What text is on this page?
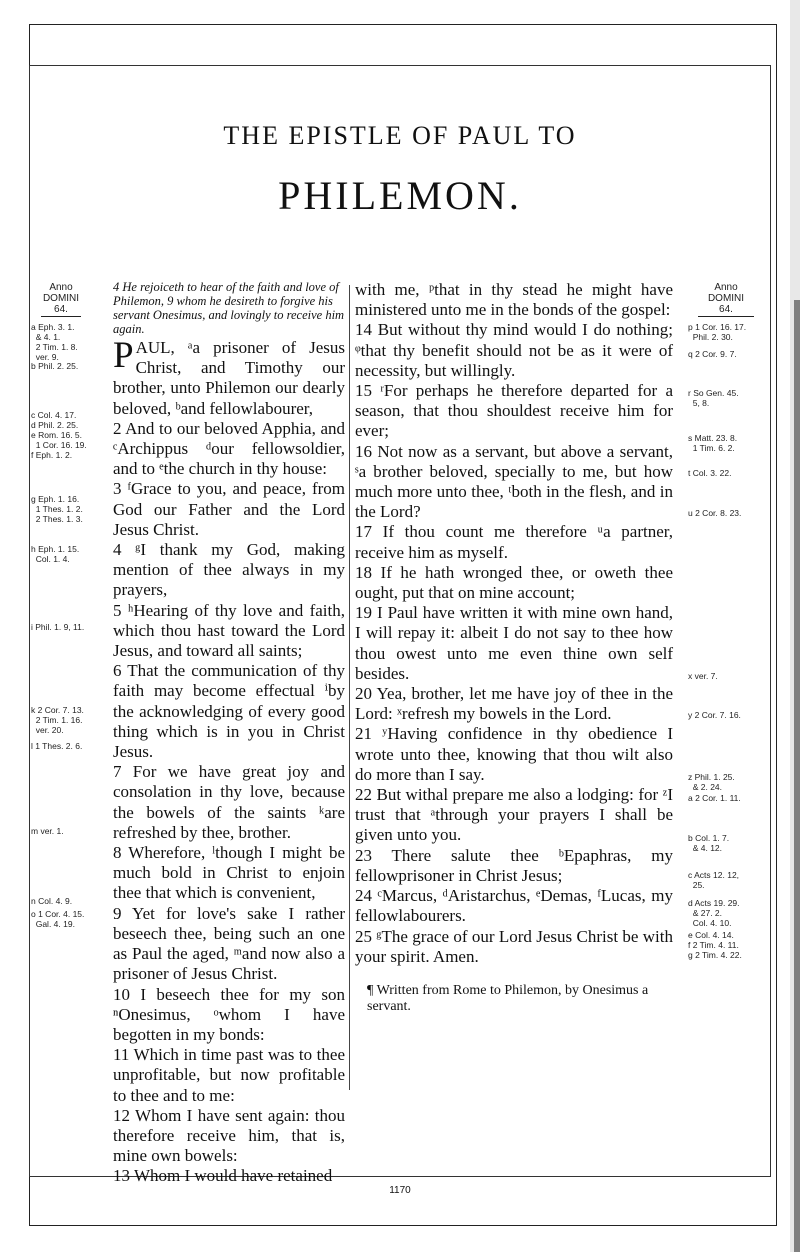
THE EPISTLE OF PAUL TO
PHILEMON.
Anno
DOMINI
64.
a Eph. 3. 1.
& 4. 1.
2 Tim. 1. 8.
ver. 9.
b Phil. 2. 25.
c Col. 4. 17.
d Phil. 2. 25.
e Rom. 16. 5.
1 Cor. 16. 19.
f Eph. 1. 2.
g Eph. 1. 16.
1 Thes. 1. 2.
2 Thes. 1. 3.
h Eph. 1. 15.
Col. 1. 4.
i Phil. 1. 9, 11.
k 2 Cor. 7. 13.
2 Tim. 1. 16.
ver. 20.
l 1 Thes. 2. 6.
m ver. 1.
n Col. 4. 9.
o 1 Cor. 4. 15.
Gal. 4. 19.

4 He rejoiceth to hear of the faith and love of Philemon, 9 whom he desireth to forgive his servant Onesimus, and lovingly to receive him again.

PAUL, ᵃa prisoner of Jesus Christ, and Timothy our brother, unto Philemon our dearly beloved, ᵇand fellowlabourer,

2 And to our beloved Apphia, and ᶜArchippus ᵈour fellowsoldier, and to ᵉthe church in thy house:

3 ᶠGrace to you, and peace, from God our Father and the Lord Jesus Christ.

4 ᵍI thank my God, making mention of thee always in my prayers,

5 ʰHearing of thy love and faith, which thou hast toward the Lord Jesus, and toward all saints;

6 That the communication of thy faith may become effectual ⁱby the acknowledging of every good thing which is in you in Christ Jesus.

7 For we have great joy and consolation in thy love, because the bowels of the saints ᵏare refreshed by thee, brother.

8 Wherefore, ˡthough I might be much bold in Christ to enjoin thee that which is convenient,

9 Yet for love's sake I rather beseech thee, being such an one as Paul the aged, ᵐand now also a prisoner of Jesus Christ.

10 I beseech thee for my son ⁿOnesimus, ᵒwhom I have begotten in my bonds:

11 Which in time past was to thee unprofitable, but now profitable to thee and to me:

12 Whom I have sent again: thou therefore receive him, that is, mine own bowels:

13 Whom I would have retained

with me, ᵖthat in thy stead he might have ministered unto me in the bonds of the gospel:

14 But without thy mind would I do nothing; ᵠthat thy benefit should not be as it were of necessity, but willingly.

15 ʳFor perhaps he therefore departed for a season, that thou shouldest receive him for ever;

16 Not now as a servant, but above a servant, ˢa brother beloved, specially to me, but how much more unto thee, ᵗboth in the flesh, and in the Lord?

17 If thou count me therefore ᵘa partner, receive him as myself.

18 If he hath wronged thee, or oweth thee ought, put that on mine account;

19 I Paul have written it with mine own hand, I will repay it: albeit I do not say to thee how thou owest unto me even thine own self besides.

20 Yea, brother, let me have joy of thee in the Lord: ˣrefresh my bowels in the Lord.

21 ʸHaving confidence in thy obedience I wrote unto thee, knowing that thou wilt also do more than I say.

22 But withal prepare me also a lodging: for ᶻI trust that ᵃthrough your prayers I shall be given unto you.

23 There salute thee ᵇEpaphras, my fellowprisoner in Christ Jesus;

24 ᶜMarcus, ᵈAristarchus, ᵉDemas, ᶠLucas, my fellowlabourers.

25 ᵍThe grace of our Lord Jesus Christ be with your spirit. Amen.

¶ Written from Rome to Philemon, by Onesimus a servant.

Anno
DOMINI
64.
p 1 Cor. 16. 17.
Phil. 2. 30.
q 2 Cor. 9. 7.
r So Gen. 45.
5, 8.
s Matt. 23. 8.
1 Tim. 6. 2.
t Col. 3. 22.
u 2 Cor. 8. 23.
x ver. 7.
y 2 Cor. 7. 16.
z Phil. 1. 25.
& 2. 24.
a 2 Cor. 1. 11.
b Col. 1. 7.
& 4. 12.
c Acts 12. 12,
25.
d Acts 19. 29.
& 27. 2.
Col. 4. 10.
e Col. 4. 14.
f 2 Tim. 4. 11.
g 2 Tim. 4. 22.
1170
